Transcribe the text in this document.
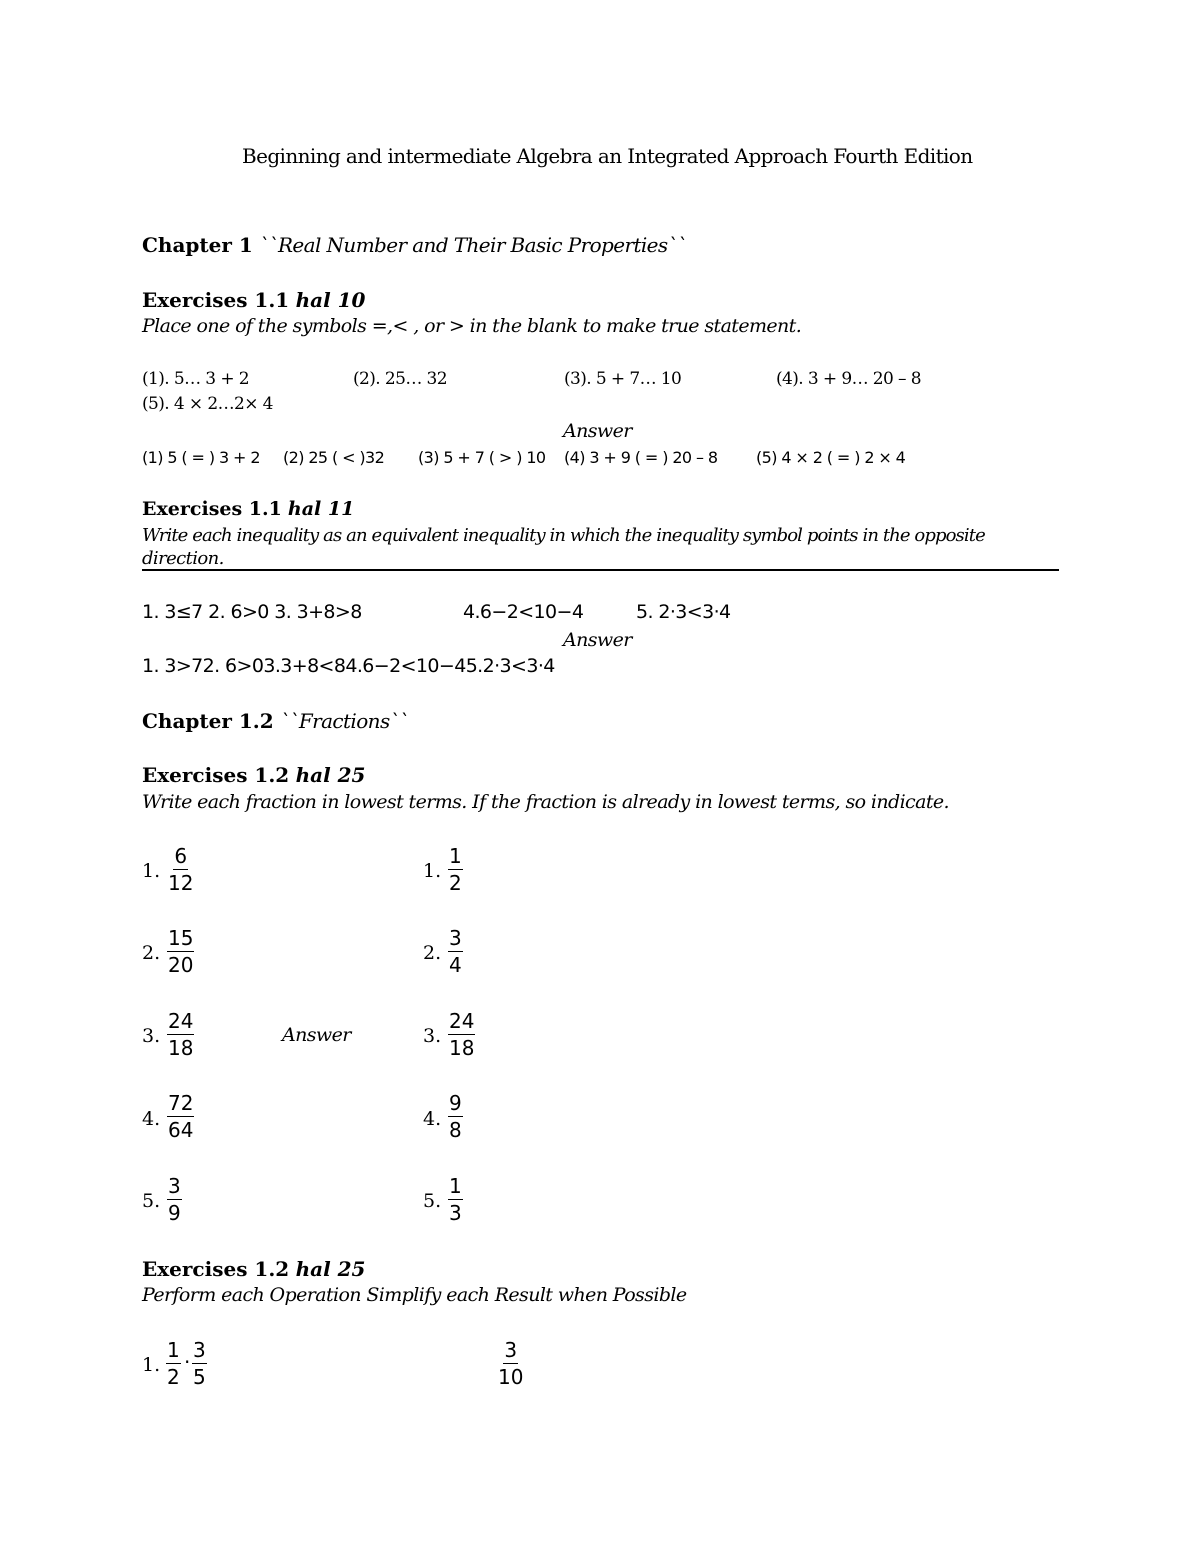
Beginning and intermediate Algebra an Integrated Approach Fourth Edition
Chapter 1 ``Real Number and Their Basic Properties``
Exercises 1.1 hal 10
Place one of the symbols =,< , or > in the blank to make true statement.
(1). 5… 3 + 2	(2). 25… 32	(3). 5 + 7… 10	(4). 3 + 9… 20 – 8
(5). 4 × 2…2× 4
Answer
(1) 5 ( = ) 3 + 2 (2) 25 ( < )32 (3) 5 + 7 ( > ) 10 (4) 3 + 9 ( = ) 20 – 8 (5) 4 × 2 ( = ) 2 × 4
Exercises 1.1 hal 11
Write each inequality as an equivalent inequality in which the inequality symbol points in the opposite
direction.
1. 3≤7 2. 6>0 3. 3+8>8	4.6−2<10−4	5. 2·3<3·4
Answer
1. 3>72. 6>03.3+8<84.6−2<10−45.2·3<3·4
Chapter 1.2 ``Fractions``
Exercises 1.2 hal 25
Write each fraction in lowest terms. If the fraction is already in lowest terms, so indicate.
1. $\frac{6}{12}$
2. $\frac{15}{20}$
3. $\frac{24}{18}$
4. $\frac{72}{64}$
5. $\frac{3}{9}$
Answer
1. $\frac{1}{2}$
2. $\frac{3}{4}$
3. $\frac{24}{18}$
4. $\frac{9}{8}$
5. $\frac{1}{3}$
Exercises 1.2 hal 25
Perform each Operation Simplify each Result when Possible
1. $\frac{1}{2} \cdot \frac{3}{5}$	$\frac{3}{10}$
